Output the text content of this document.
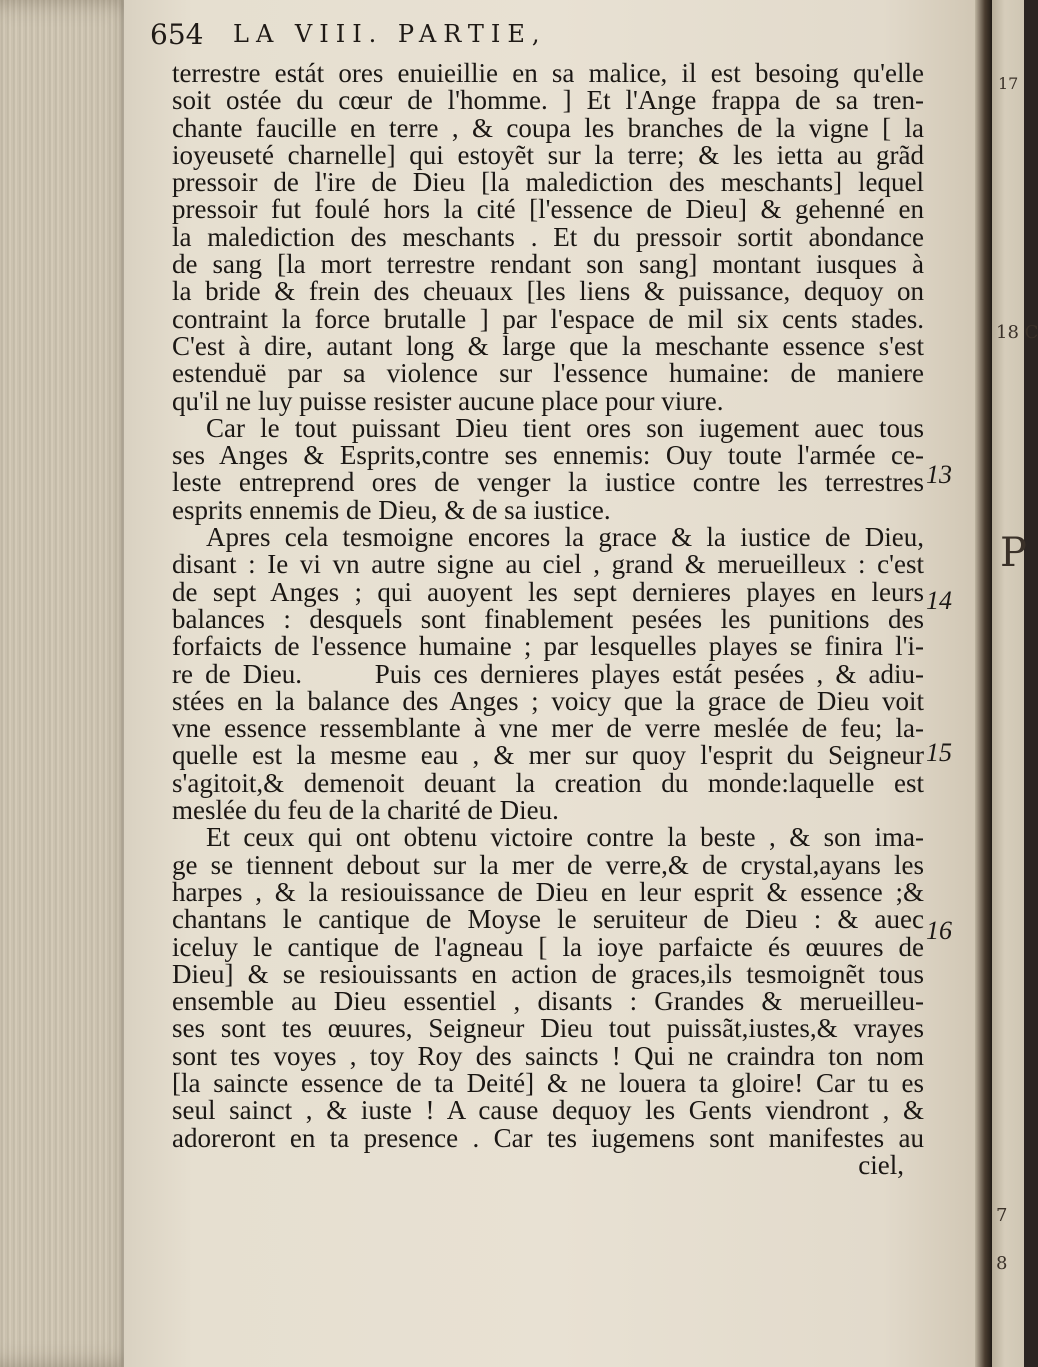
17
18 C
P
7
8
654 LA VIII. PARTIE,
terrestre estát ores enuieillie en sa malice, il est besoing qu'elle
soit ostée du cœur de l'homme. ] Et l'Ange frappa de sa tren-
chante faucille en terre , & coupa les branches de la vigne [ la
ioyeuseté charnelle] qui estoyẽt sur la terre; & les ietta au grãd
pressoir de l'ire de Dieu [la malediction des meschants] lequel
pressoir fut foulé hors la cité [l'essence de Dieu] & gehenné en
la malediction des meschants . Et du pressoir sortit abondance
de sang [la mort terrestre rendant son sang] montant iusques à
la bride & frein des cheuaux [les liens & puissance, dequoy on
contraint la force brutalle ] par l'espace de mil six cents stades.
C'est à dire, autant long & large que la meschante essence s'est
estenduë par sa violence sur l'essence humaine: de maniere
qu'il ne luy puisse resister aucune place pour viure.
Car le tout puissant Dieu tient ores son iugement auec tous
ses Anges & Esprits,contre ses ennemis: Ouy toute l'armée ce-
leste entreprend ores de venger la iustice contre les terrestres
esprits ennemis de Dieu, & de sa iustice.
Apres cela tesmoigne encores la grace & la iustice de Dieu,
disant : Ie vi vn autre signe au ciel , grand & merueilleux : c'est
de sept Anges ; qui auoyent les sept dernieres playes en leurs
balances : desquels sont finablement pesées les punitions des
forfaicts de l'essence humaine ; par lesquelles playes se finira l'i-
re de Dieu.      Puis ces dernieres playes estát pesées , & adiu-
stées en la balance des Anges ; voicy que la grace de Dieu voit
vne essence ressemblante à vne mer de verre meslée de feu; la-
quelle est la mesme eau , & mer sur quoy l'esprit du Seigneur
s'agitoit,& demenoit deuant la creation du monde:laquelle est
meslée du feu de la charité de Dieu.
Et ceux qui ont obtenu victoire contre la beste , & son ima-
ge se tiennent debout sur la mer de verre,& de crystal,ayans les
harpes , & la resiouissance de Dieu en leur esprit & essence ;&
chantans le cantique de Moyse le seruiteur de Dieu : & auec
iceluy le cantique de l'agneau [ la ioye parfaicte és œuures de
Dieu] & se resiouissants en action de graces,ils tesmoignẽt tous
ensemble au Dieu essentiel , disants : Grandes & merueilleu-
ses sont tes œuures, Seigneur Dieu tout puissãt,iustes,& vrayes
sont tes voyes , toy Roy des saincts ! Qui ne craindra ton nom
[la saincte essence de ta Deité] & ne louera ta gloire! Car tu es
seul sainct , & iuste ! A cause dequoy les Gents viendront , &
adoreront en ta presence . Car tes iugemens sont manifestes au
ciel,
13
14
15
16
